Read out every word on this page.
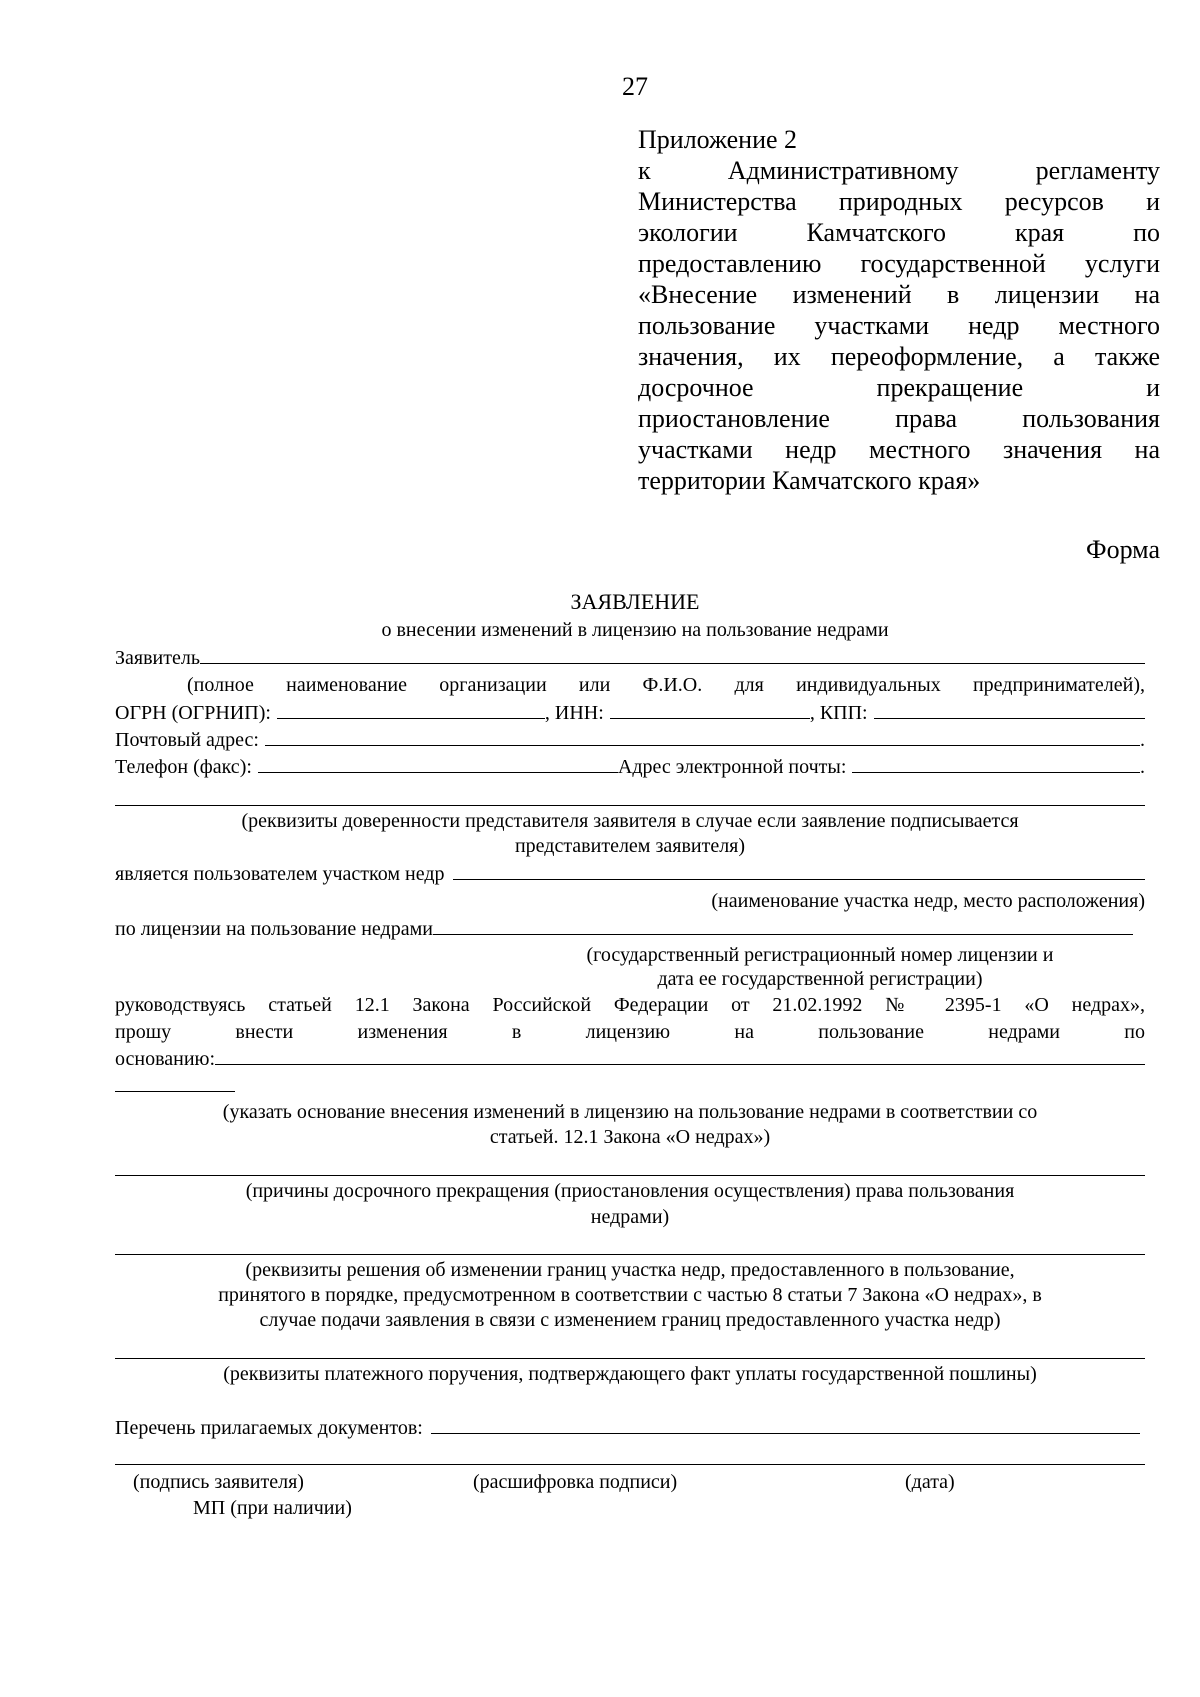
27
Приложение 2
к Административному регламенту
Министерства природных ресурсов и
экологии Камчатского края по
предоставлению государственной услуги
«Внесение изменений в лицензии на
пользование участками недр местного
значения, их переоформление, а также
досрочное прекращение и
приостановление права пользования
участками недр местного значения на
территории Камчатского края»
Форма
ЗАЯВЛЕНИЕ
о внесении изменений в лицензию на пользование недрами
Заявитель
(полное наименование организации или Ф.И.О. для индивидуальных предпринимателей),
ОГРН (ОГРНИП):	, ИНН:	, КПП:
Почтовый адрес:	.
Телефон (факс):	Адрес электронной почты:	.
(реквизиты доверенности представителя заявителя в случае если заявление подписывается
представителем заявителя)
является пользователем участком недр
(наименование участка недр, место расположения)
по лицензии на пользование недрами
(государственный регистрационный номер лицензии и
дата ее государственной регистрации)
руководствуясь статьей 12.1 Закона Российской Федерации от 21.02.1992 № 2395-1 «О недрах»,
прошу внести изменения в лицензию на пользование недрами по
основанию:
(указать основание внесения изменений в лицензию на пользование недрами в соответствии со
статьей. 12.1 Закона «О недрах»)
(причины досрочного прекращения (приостановления осуществления) права пользования
недрами)
(реквизиты решения об изменении границ участка недр, предоставленного в пользование,
принятого в порядке, предусмотренном в соответствии с частью 8 статьи 7 Закона «О недрах», в
случае подачи заявления в связи с изменением границ предоставленного участка недр)
(реквизиты платежного поручения, подтверждающего факт уплаты государственной пошлины)
Перечень прилагаемых документов:
(подпись заявителя)	(расшифровка подписи)	(дата)
МП (при наличии)
